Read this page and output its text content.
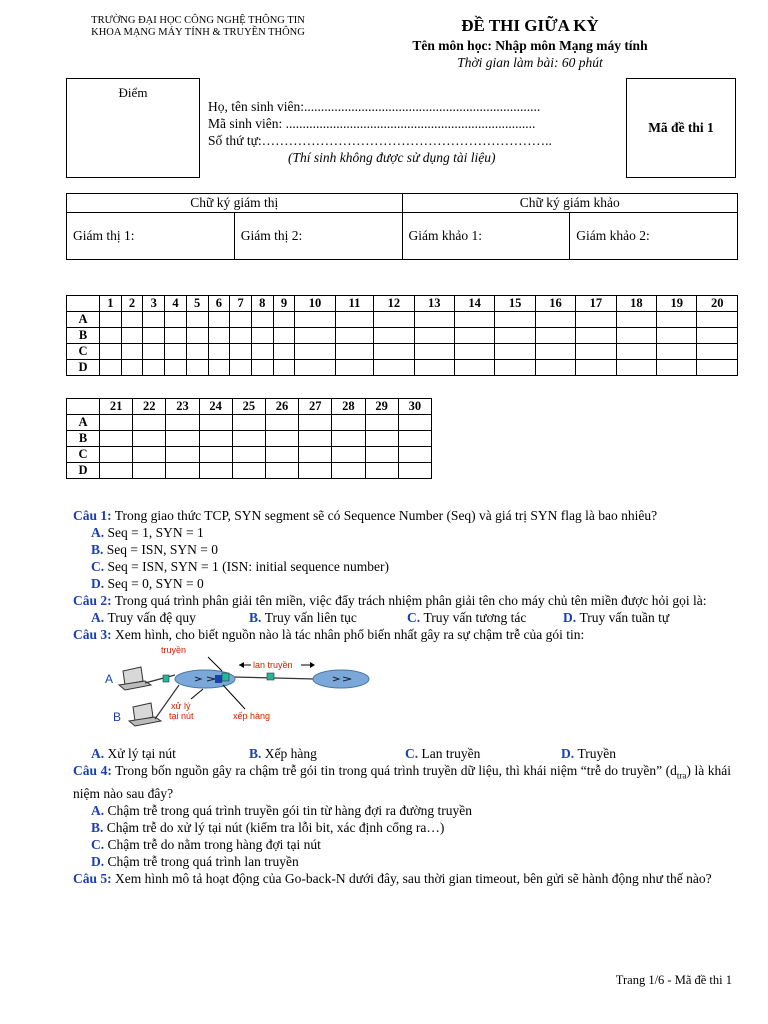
TRƯỜNG ĐẠI HỌC CÔNG NGHỆ THÔNG TIN
KHOA MẠNG MÁY TÍNH & TRUYỀN THÔNG	ĐỀ THI GIỮA KỲ
Tên môn học: Nhập môn Mạng máy tính
Thời gian làm bài: 60 phút
Điểm
Họ, tên sinh viên:......................................................................
Mã sinh viên: ..........................................................................
Số thứ tự:………………………………………………………..
(Thí sinh không được sử dụng tài liệu)
Mã đề thi 1
Chữ ký giám thị		Chữ ký giám khảo	
Giám thị 1:	Giám thị 2:	Giám khảo 1:	Giám khảo 2:
	1	2	3	4	5	6	7	8	9	10	11	12	13	14	15	16	17	18	19	20
A																				
B																				
C																				
D																				
	21	22	23	24	25	26	27	28	29	30
A										
B										
C										
D										

Câu 1: Trong giao thức TCP, SYN segment sẽ có Sequence Number (Seq) và giá trị SYN flag là bao nhiêu?

A. Seq = 1, SYN = 1
B. Seq = ISN, SYN = 0
C. Seq = ISN, SYN = 1 (ISN: initial sequence number)
D. Seq = 0, SYN = 0

Câu 2: Trong quá trình phân giải tên miền, việc đẩy trách nhiệm phân giải tên cho máy chủ tên miền được hỏi gọi là:

A. Truy vấn đệ quy	B. Truy vấn liên tục	C. Truy vấn tương tác	D. Truy vấn tuần tự

Câu 3: Xem hình, cho biết nguồn nào là tác nhân phổ biến nhất gây ra sự chậm trễ của gói tin:

A
B
truyền
lan truyền
xử lý
tại nút	xếp hàng
A. Xử lý tại nút	B. Xếp hàng	C. Lan truyền	D. Truyền

Câu 4: Trong bốn nguồn gây ra chậm trễ gói tin trong quá trình truyền dữ liệu, thì khái niệm “trễ do truyền” $(d_{tra})$ là khái niệm nào sau đây?

A. Chậm trễ trong quá trình truyền gói tin từ hàng đợi ra đường truyền
B. Chậm trễ do xử lý tại nút (kiểm tra lỗi bit, xác định cổng ra…)
C. Chậm trễ do nằm trong hàng đợi tại nút
D. Chậm trễ trong quá trình lan truyền

Câu 5: Xem hình mô tả hoạt động của Go-back-N dưới đây, sau thời gian timeout, bên gửi sẽ hành động như thế nào?

Trang 1/6 - Mã đề thi 1
